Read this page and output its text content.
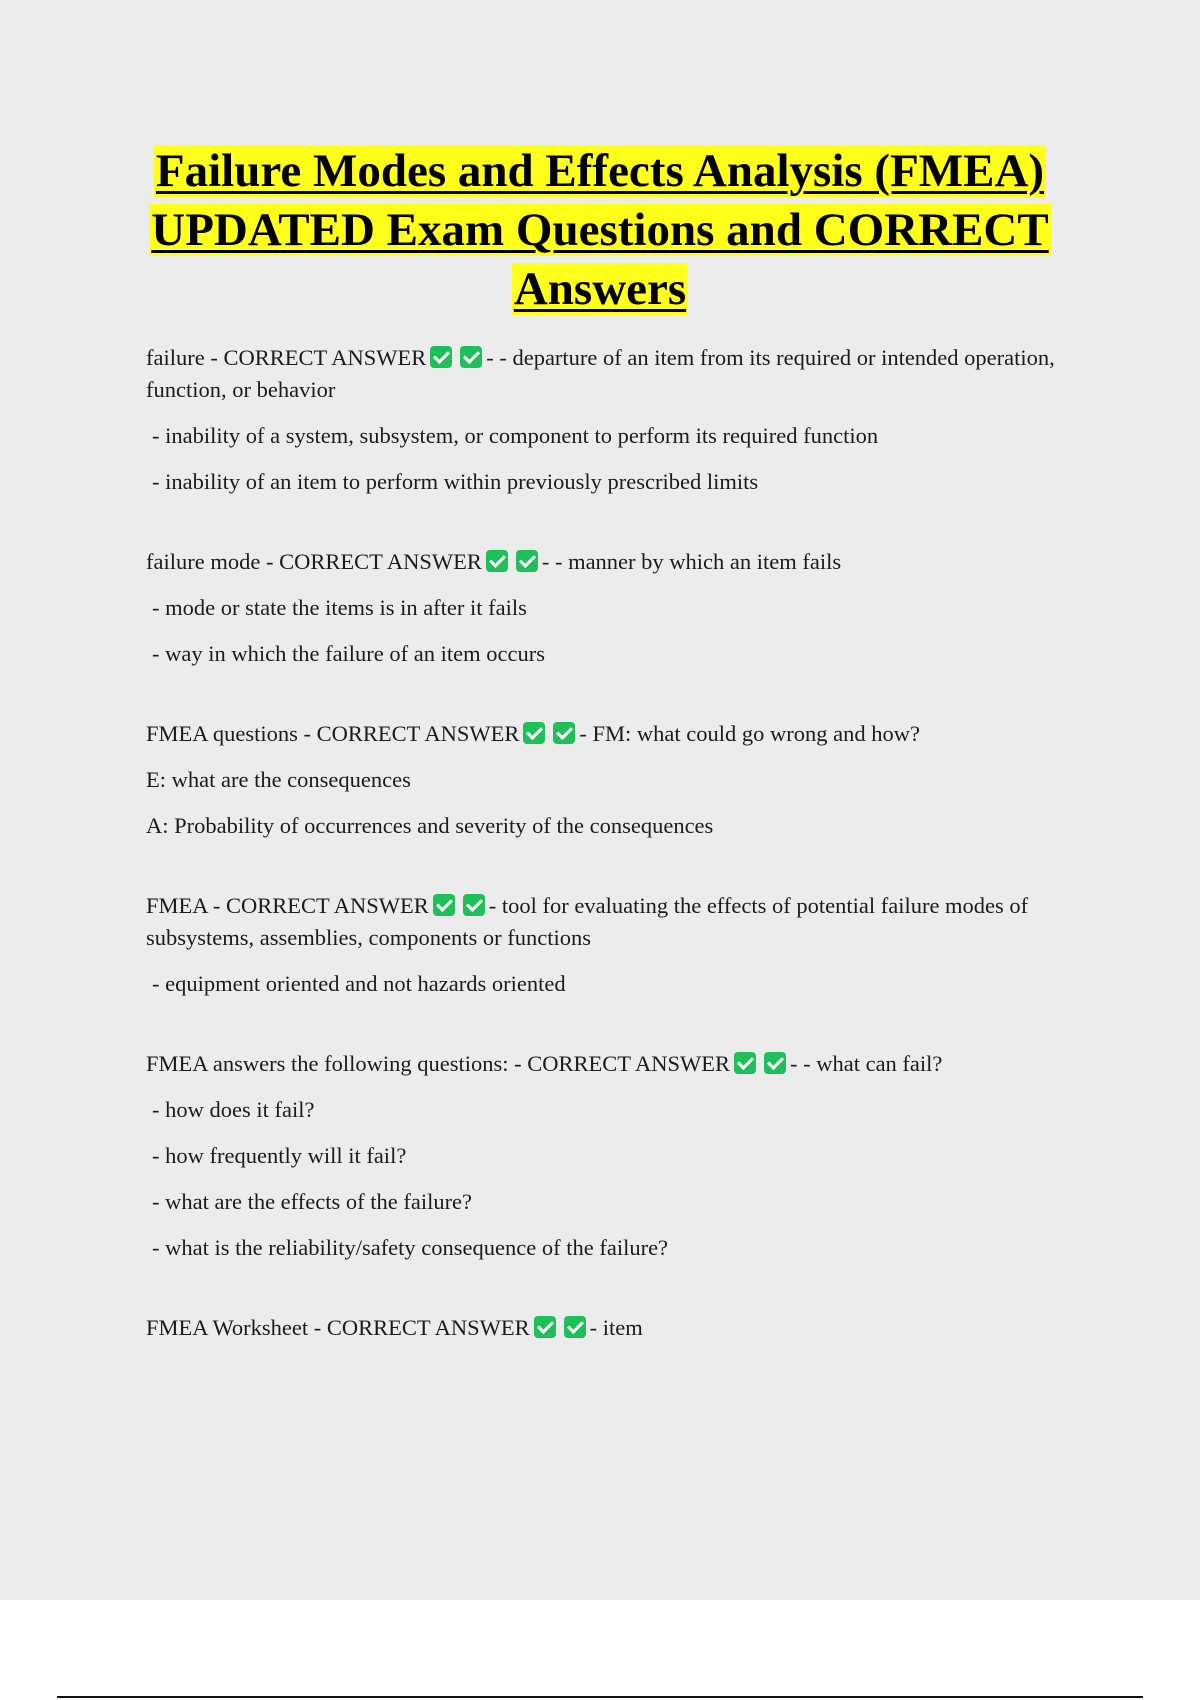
Failure Modes and Effects Analysis (FMEA)
UPDATED Exam Questions and CORRECT
Answers
failure - CORRECT ANSWER	- - departure of an item from its required or intended operation, function, or behavior
- inability of a system, subsystem, or component to perform its required function
- inability of an item to perform within previously prescribed limits
failure mode - CORRECT ANSWER	- - manner by which an item fails
- mode or state the items is in after it fails
- way in which the failure of an item occurs
FMEA questions - CORRECT ANSWER	- FM: what could go wrong and how?
E: what are the consequences
A: Probability of occurrences and severity of the consequences
FMEA - CORRECT ANSWER	- tool for evaluating the effects of potential failure modes of subsystems, assemblies, components or functions
- equipment oriented and not hazards oriented
FMEA answers the following questions: - CORRECT ANSWER	- - what can fail?
- how does it fail?
- how frequently will it fail?
- what are the effects of the failure?
- what is the reliability/safety consequence of the failure?
FMEA Worksheet - CORRECT ANSWER	- item
